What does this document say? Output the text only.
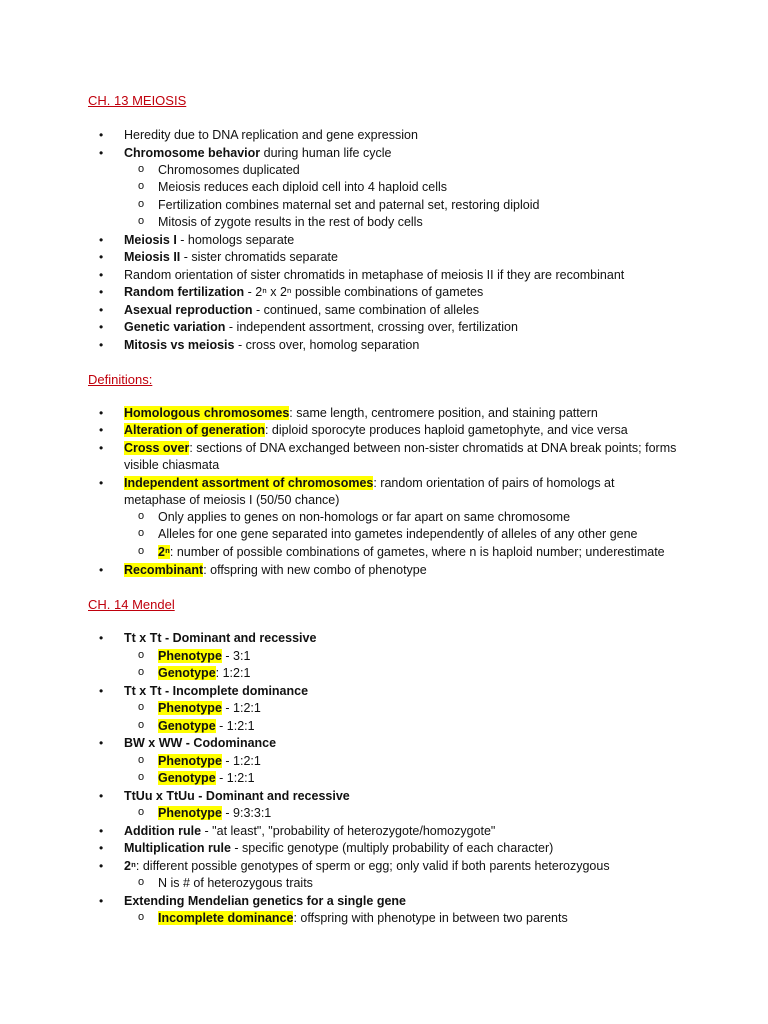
CH. 13 MEIOSIS
• Heredity due to DNA replication and gene expression
• Chromosome behavior during human life cycle
o Chromosomes duplicated
o Meiosis reduces each diploid cell into 4 haploid cells
o Fertilization combines maternal set and paternal set, restoring diploid
o Mitosis of zygote results in the rest of body cells
• Meiosis I - homologs separate
• Meiosis II - sister chromatids separate
• Random orientation of sister chromatids in metaphase of meiosis II if they are recombinant
• Random fertilization - 2ⁿ x 2ⁿ possible combinations of gametes
• Asexual reproduction - continued, same combination of alleles
• Genetic variation - independent assortment, crossing over, fertilization
• Mitosis vs meiosis - cross over, homolog separation
Definitions:
• Homologous chromosomes: same length, centromere position, and staining pattern
• Alteration of generation: diploid sporocyte produces haploid gametophyte, and vice versa
• Cross over: sections of DNA exchanged between non-sister chromatids at DNA break points; forms
visible chiasmata
• Independent assortment of chromosomes: random orientation of pairs of homologs at
metaphase of meiosis I (50/50 chance)
o Only applies to genes on non-homologs or far apart on same chromosome
o Alleles for one gene separated into gametes independently of alleles of any other gene
o 2ⁿ: number of possible combinations of gametes, where n is haploid number; underestimate
• Recombinant: offspring with new combo of phenotype
CH. 14 Mendel
• Tt x Tt - Dominant and recessive
o Phenotype - 3:1
o Genotype: 1:2:1
• Tt x Tt - Incomplete dominance
o Phenotype - 1:2:1
o Genotype - 1:2:1
• BW x WW - Codominance
o Phenotype - 1:2:1
o Genotype - 1:2:1
• TtUu x TtUu - Dominant and recessive
o Phenotype - 9:3:3:1
• Addition rule - "at least", "probability of heterozygote/homozygote"
• Multiplication rule - specific genotype (multiply probability of each character)
• 2ⁿ: different possible genotypes of sperm or egg; only valid if both parents heterozygous
o N is # of heterozygous traits
• Extending Mendelian genetics for a single gene
o Incomplete dominance: offspring with phenotype in between two parents
